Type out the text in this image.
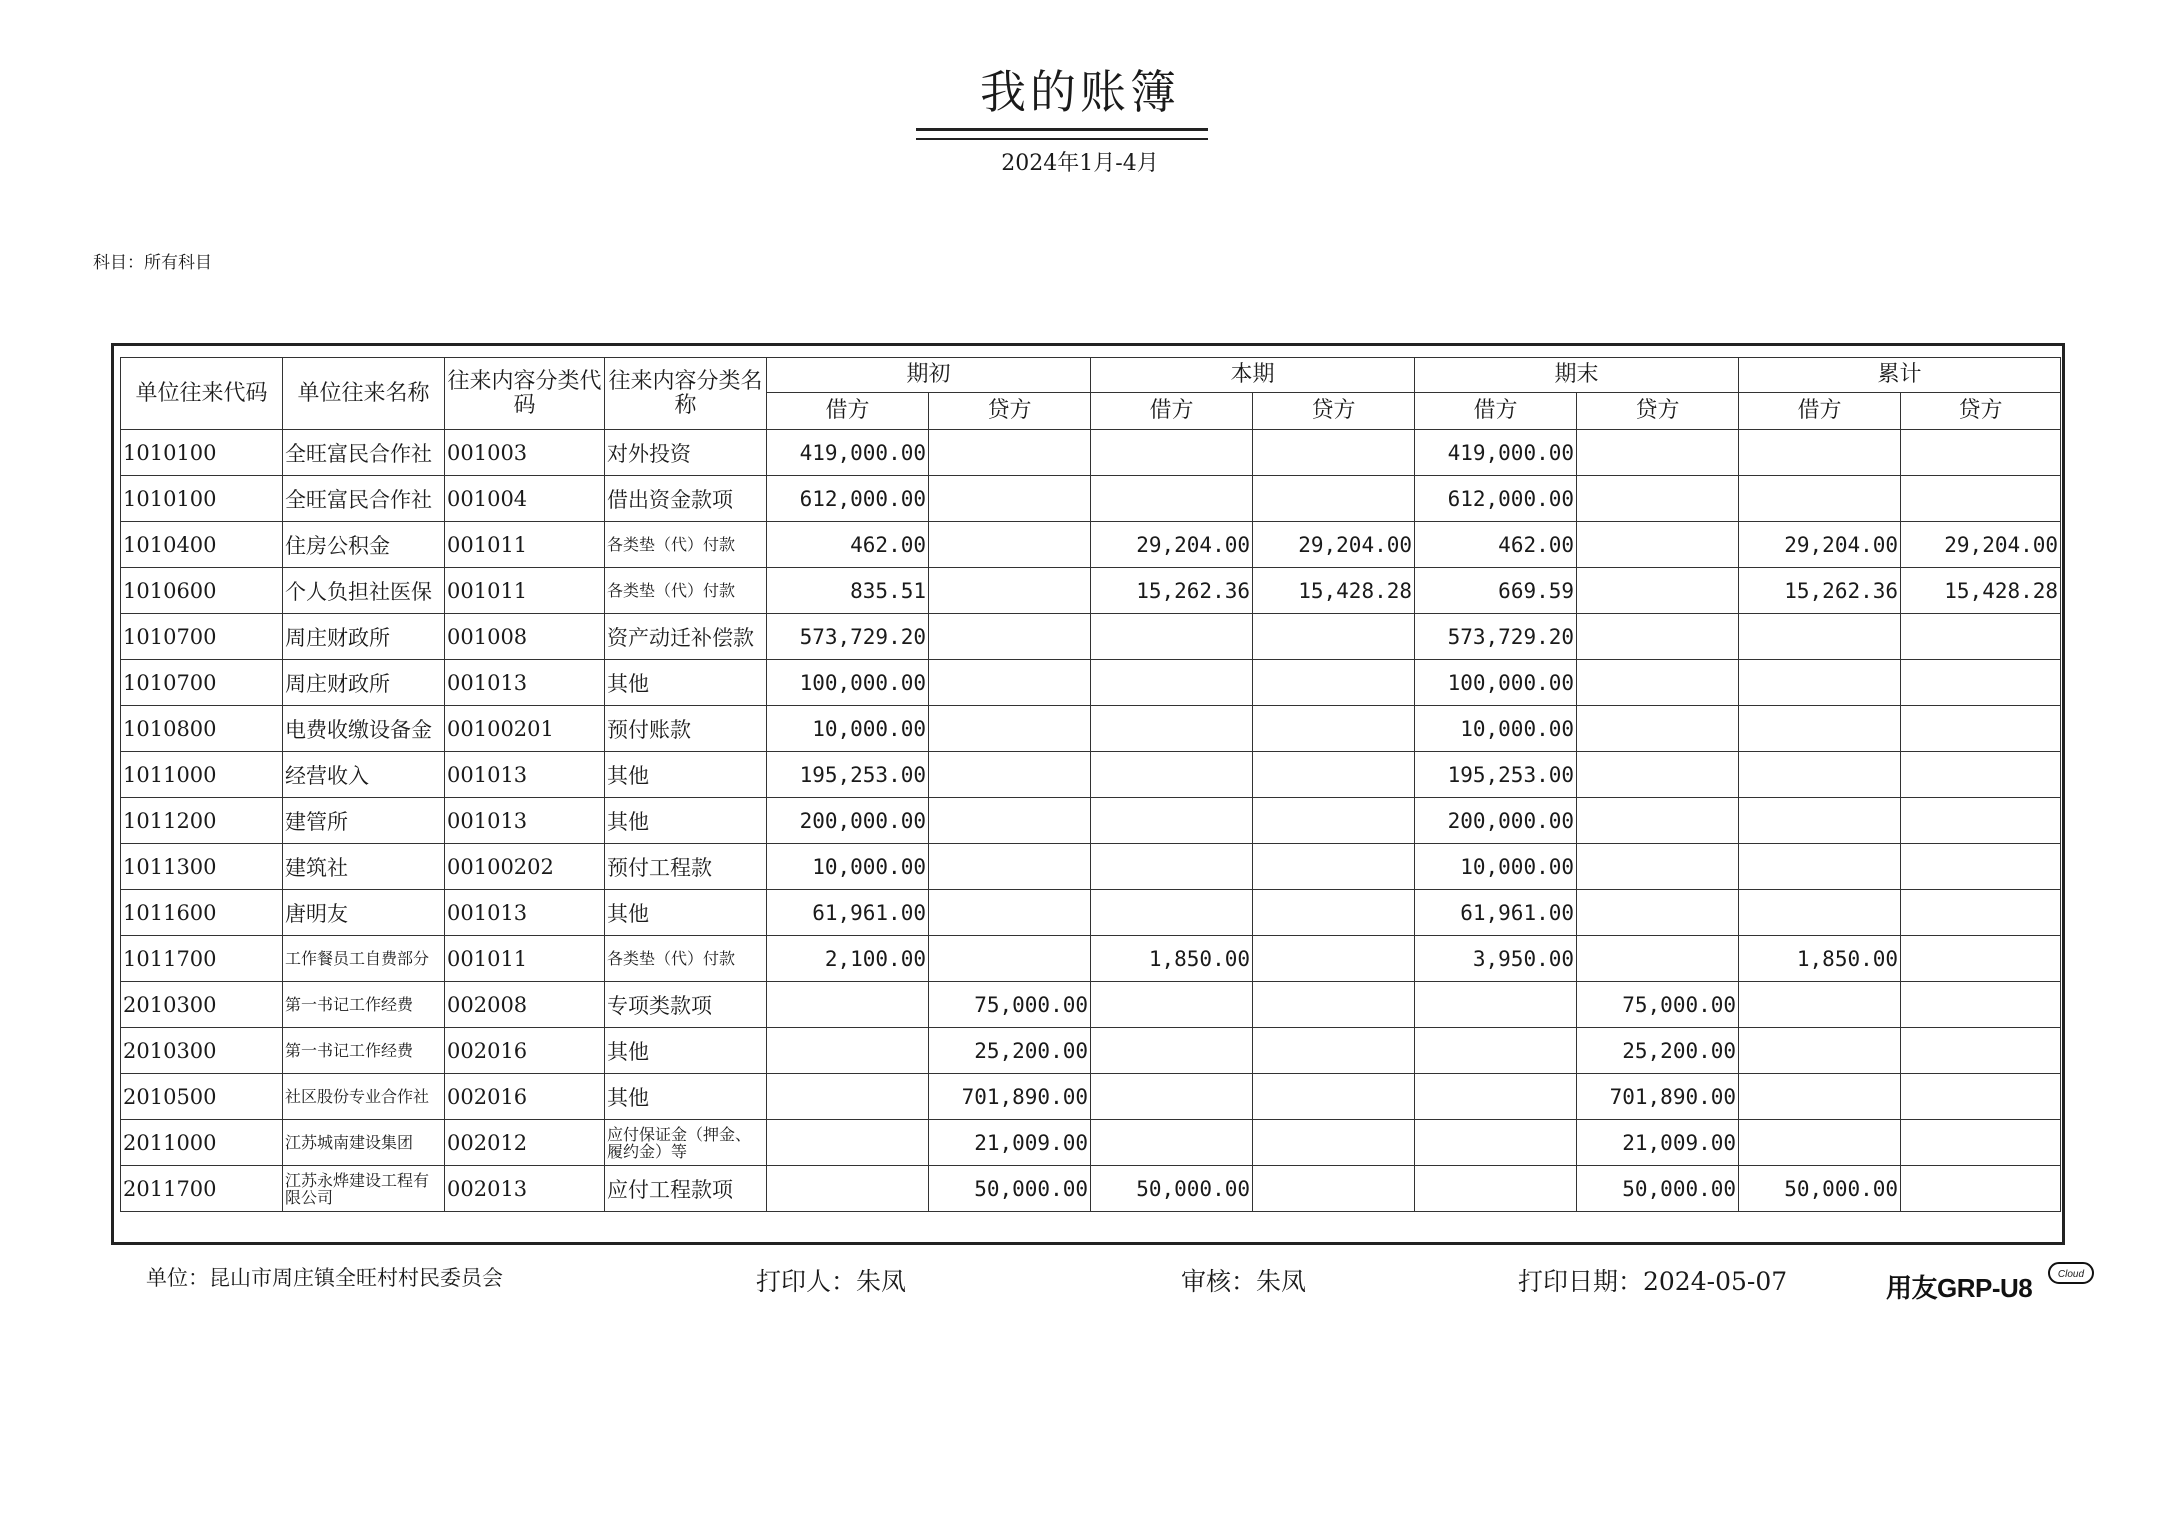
我的账簿
2024年1月-4月
科目：所有科目
单位往来代码	单位往来名称	往来内容分类代码	往来内容分类名称	期初		本期		期末		累计	
				借方	贷方	借方	贷方	借方	贷方	借方	贷方
1010100	全旺富民合作社	001003	对外投资	419,000.00				419,000.00			
1010100	全旺富民合作社	001004	借出资金款项	612,000.00				612,000.00			
1010400	住房公积金	001011	各类垫（代）付款	462.00		29,204.00	29,204.00	462.00		29,204.00	29,204.00
1010600	个人负担社医保	001011	各类垫（代）付款	835.51		15,262.36	15,428.28	669.59		15,262.36	15,428.28
1010700	周庄财政所	001008	资产动迁补偿款	573,729.20				573,729.20			
1010700	周庄财政所	001013	其他	100,000.00				100,000.00			
1010800	电费收缴设备金	00100201	预付账款	10,000.00				10,000.00			
1011000	经营收入	001013	其他	195,253.00				195,253.00			
1011200	建管所	001013	其他	200,000.00				200,000.00			
1011300	建筑社	00100202	预付工程款	10,000.00				10,000.00			
1011600	唐明友	001013	其他	61,961.00				61,961.00			
1011700	工作餐员工自费部分	001011	各类垫（代）付款	2,100.00		1,850.00		3,950.00		1,850.00	
2010300	第一书记工作经费	002008	专项类款项		75,000.00				75,000.00		
2010300	第一书记工作经费	002016	其他		25,200.00				25,200.00		
2010500	社区股份专业合作社	002016	其他		701,890.00				701,890.00		
2011000	江苏城南建设集团	002012	应付保证金（押金、履约金）等		21,009.00				21,009.00		
2011700	江苏永烨建设工程有限公司	002013	应付工程款项		50,000.00	50,000.00			50,000.00	50,000.00	
单位：昆山市周庄镇全旺村村民委员会	打印人：朱凤	审核：朱凤	打印日期：2024-05-07	用友GRP-U8	Cloud
